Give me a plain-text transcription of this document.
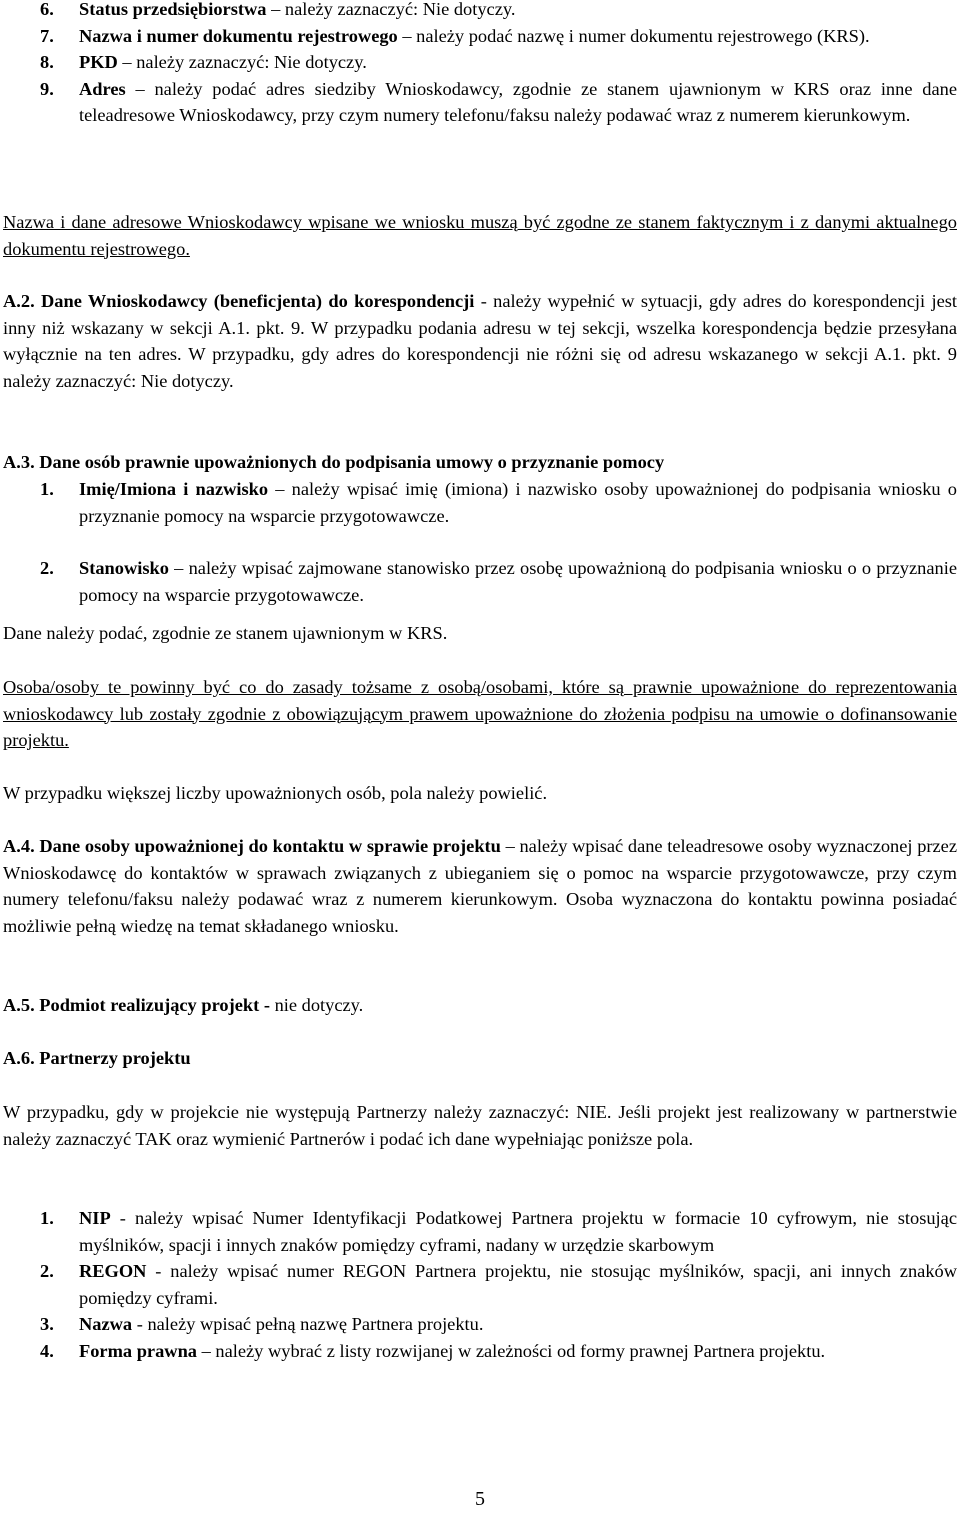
6.	Status przedsiębiorstwa – należy zaznaczyć: Nie dotyczy.
7.	Nazwa i numer dokumentu rejestrowego – należy podać nazwę i numer dokumentu rejestrowego (KRS).
8.	PKD – należy zaznaczyć: Nie dotyczy.
9.	Adres – należy podać adres siedziby Wnioskodawcy, zgodnie ze stanem ujawnionym w KRS oraz inne dane teleadresowe Wnioskodawcy, przy czym numery telefonu/faksu należy podawać wraz z numerem kierunkowym.

Nazwa i dane adresowe Wnioskodawcy wpisane we wniosku muszą być zgodne ze stanem faktycznym i z danymi aktualnego dokumentu rejestrowego.

A.2. Dane Wnioskodawcy (beneficjenta) do korespondencji - należy wypełnić w sytuacji, gdy adres do korespondencji jest inny niż wskazany w sekcji A.1. pkt. 9. W przypadku podania adresu w tej sekcji, wszelka korespondencja będzie przesyłana wyłącznie na ten adres. W przypadku, gdy adres do korespondencji nie różni się od adresu wskazanego w sekcji A.1. pkt. 9 należy zaznaczyć: Nie dotyczy.

A.3. Dane osób prawnie upoważnionych do podpisania umowy o przyznanie pomocy

1.	Imię/Imiona i nazwisko – należy wpisać imię (imiona) i nazwisko osoby upoważnionej do podpisania wniosku o przyznanie pomocy na wsparcie przygotowawcze.
2.	Stanowisko – należy wpisać zajmowane stanowisko przez osobę upoważnioną do podpisania wniosku o o przyznanie pomocy na wsparcie przygotowawcze.

Dane należy podać, zgodnie ze stanem ujawnionym w KRS.

Osoba/osoby te powinny być co do zasady tożsame z osobą/osobami, które są prawnie upoważnione do reprezentowania wnioskodawcy lub zostały zgodnie z obowiązującym prawem upoważnione do złożenia podpisu na umowie o dofinansowanie projektu.

W przypadku większej liczby upoważnionych osób, pola należy powielić.

A.4. Dane osoby upoważnionej do kontaktu w sprawie projektu – należy wpisać dane teleadresowe osoby wyznaczonej przez Wnioskodawcę do kontaktów w sprawach związanych z ubieganiem się o pomoc na wsparcie przygotowawcze, przy czym numery telefonu/faksu należy podawać wraz z numerem kierunkowym. Osoba wyznaczona do kontaktu powinna posiadać możliwie pełną wiedzę na temat składanego wniosku.

A.5. Podmiot realizujący projekt - nie dotyczy.

A.6. Partnerzy projektu

W przypadku, gdy w projekcie nie występują Partnerzy należy zaznaczyć: NIE. Jeśli projekt jest realizowany w partnerstwie należy zaznaczyć TAK oraz wymienić Partnerów i podać ich dane wypełniając poniższe pola.

1.	NIP - należy wpisać Numer Identyfikacji Podatkowej Partnera projektu w formacie 10 cyfrowym, nie stosując myślników, spacji i innych znaków pomiędzy cyframi, nadany w urzędzie skarbowym
2.	REGON - należy wpisać numer REGON Partnera projektu, nie stosując myślników, spacji, ani innych znaków pomiędzy cyframi.
3.	Nazwa - należy wpisać pełną nazwę Partnera projektu.
4.	Forma prawna – należy wybrać z listy rozwijanej w zależności od formy prawnej Partnera projektu.
5
